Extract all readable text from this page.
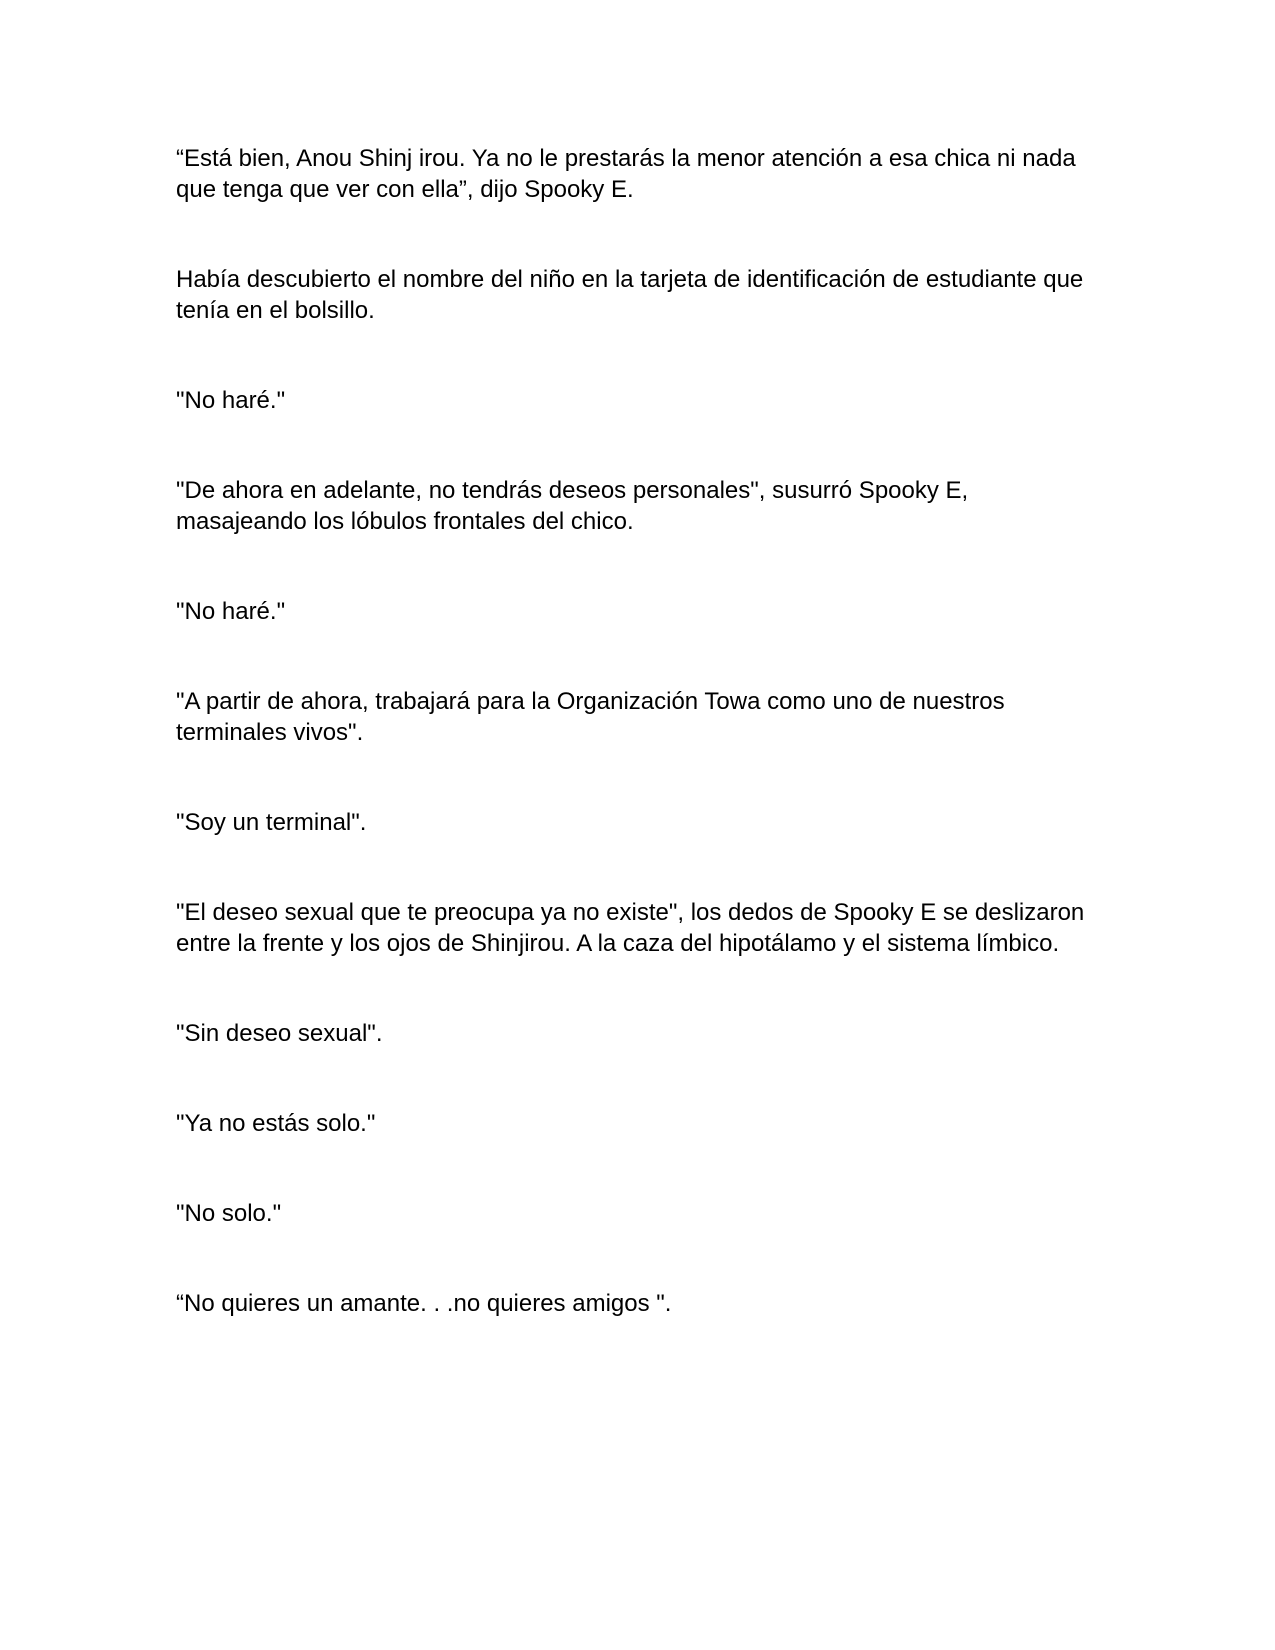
“Está bien, Anou Shinj irou. Ya no le prestarás la menor atención a esa chica ni nada que tenga que ver con ella”, dijo Spooky E.

Había descubierto el nombre del niño en la tarjeta de identificación de estudiante que tenía en el bolsillo.

"No haré."

"De ahora en adelante, no tendrás deseos personales", susurró Spooky E, masajeando los lóbulos frontales del chico.

"No haré."

"A partir de ahora, trabajará para la Organización Towa como uno de nuestros terminales vivos".

"Soy un terminal".

"El deseo sexual que te preocupa ya no existe", los dedos de Spooky E se deslizaron entre la frente y los ojos de Shinjirou. A la caza del hipotálamo y el sistema límbico.

"Sin deseo sexual".

"Ya no estás solo."

"No solo."

“No quieres un amante. . .no quieres amigos ".
